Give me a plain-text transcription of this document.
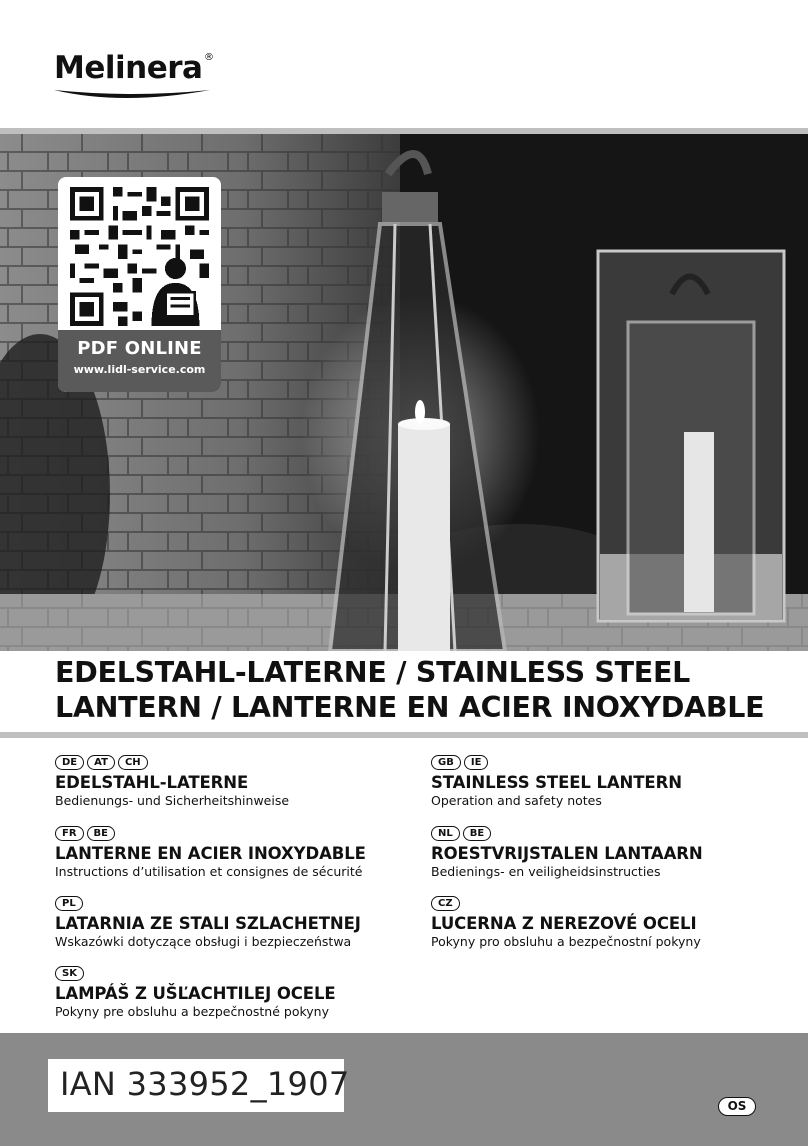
Melinera ®
PDF ONLINE
www.lidl-service.com
EDELSTAHL-LATERNE / STAINLESS STEEL
LANTERN / LANTERNE EN ACIER INOXYDABLE
DE	AT	CH
EDELSTAHL-LATERNE
Bedienungs- und Sicherheitshinweise
GB	IE
STAINLESS STEEL LANTERN
Operation and safety notes
FR	BE
LANTERNE EN ACIER INOXYDABLE
Instructions d’utilisation et consignes de sécurité
NL	BE
ROESTVRIJSTALEN LANTAARN
Bedienings- en veiligheidsinstructies
PL
LATARNIA ZE STALI SZLACHETNEJ
Wskazówki dotyczące obsługi i bezpieczeństwa
CZ
LUCERNA Z NEREZOVÉ OCELI
Pokyny pro obsluhu a bezpečnostní pokyny
SK
LAMPÁŠ Z UŠĽACHTILEJ OCELE
Pokyny pre obsluhu a bezpečnostné pokyny
IAN 333952_1907
OS
